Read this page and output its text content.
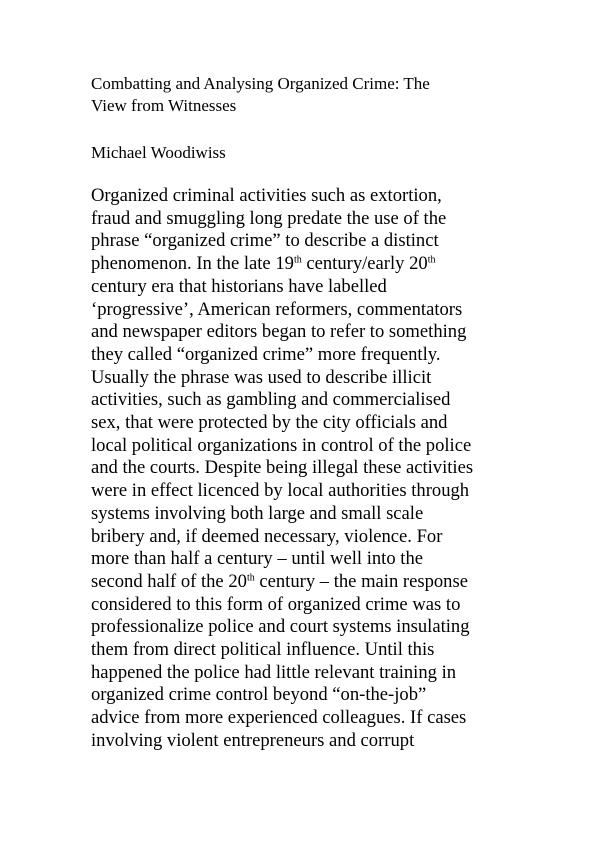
Combatting and Analysing Organized Crime: The
View from Witnesses

Michael Woodiwiss

Organized criminal activities such as extortion,
fraud and smuggling long predate the use of the
phrase “organized crime” to describe a distinct
phenomenon. In the late 19th century/early 20th
century era that historians have labelled
‘progressive’, American reformers, commentators
and newspaper editors began to refer to something
they called “organized crime” more frequently.
Usually the phrase was used to describe illicit
activities, such as gambling and commercialised
sex, that were protected by the city officials and
local political organizations in control of the police
and the courts. Despite being illegal these activities
were in effect licenced by local authorities through
systems involving both large and small scale
bribery and, if deemed necessary, violence. For
more than half a century – until well into the
second half of the 20th century – the main response
considered to this form of organized crime was to
professionalize police and court systems insulating
them from direct political influence. Until this
happened the police had little relevant training in
organized crime control beyond “on-the-job”
advice from more experienced colleagues. If cases
involving violent entrepreneurs and corrupt
